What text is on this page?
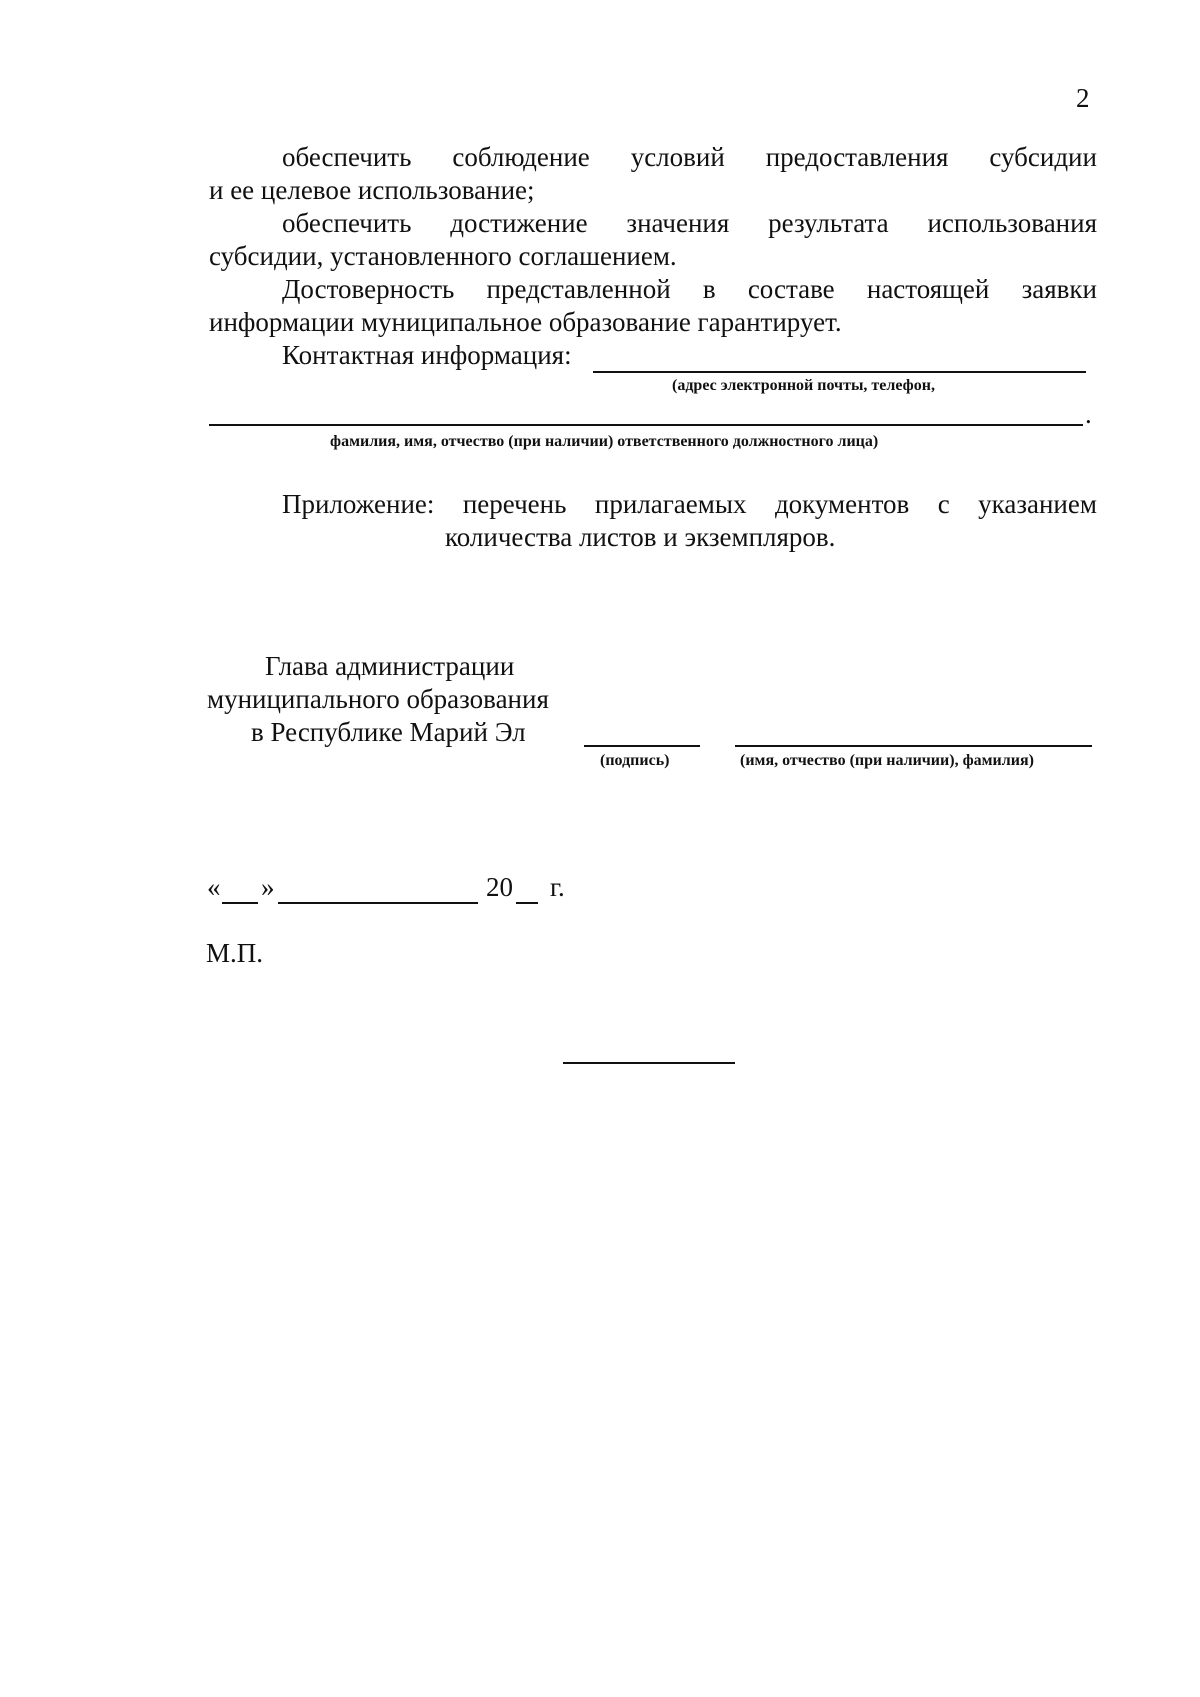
2
обеспечить соблюдение условий предоставления субсидии
и ее целевое использование;
обеспечить достижение значения результата использования
субсидии, установленного соглашением.
Достоверность представленной в составе настоящей заявки
информации муниципальное образование гарантирует.
Контактная информация:
(адрес электронной почты, телефон,
.
фамилия, имя, отчество (при наличии) ответственного должностного лица)
Приложение: перечень прилагаемых документов с указанием
количества листов и экземпляров.
Глава администрации
муниципального образования
в Республике Марий Эл
(подпись)	(имя, отчество (при наличии), фамилия)
« »	20 г.
М.П.
